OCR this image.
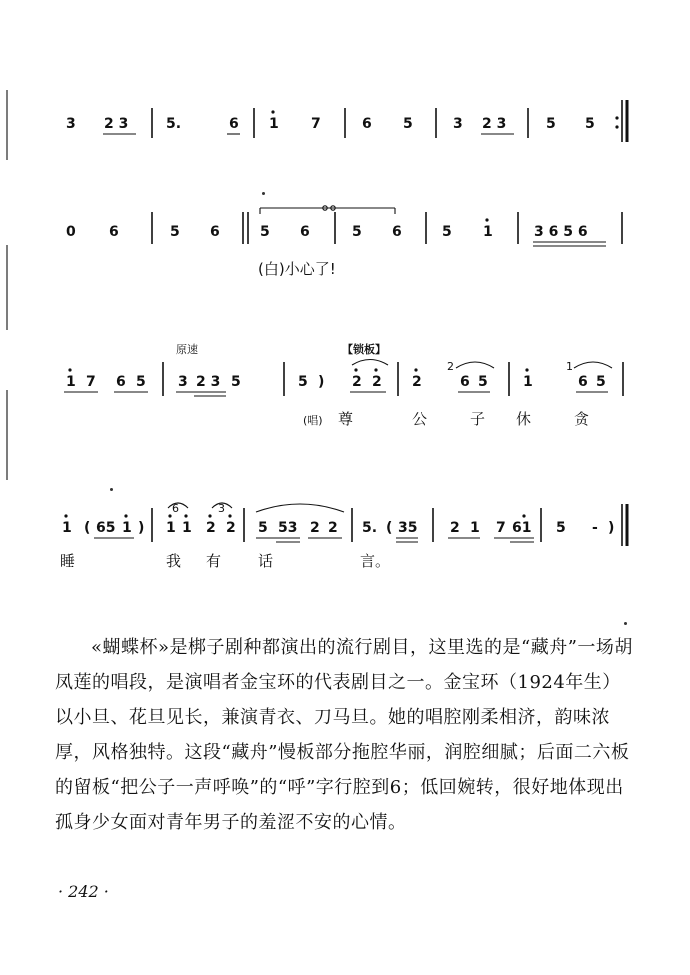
3 2 3	5.	6 1 7	6 5	3 2 3	5 5
0 6	5 6	5 6	5 6	5 1	3 6 5 6
(白)小心了!
原速	【锁板】
1 7 6 5 3 2 3 5	5 ) 2 2 2
2
6 5	1
1
6 5
(唱) 尊	公	子 休	贪
1 ( 65 1 )
6
1 1
3
2 2 5 53 2 2 5. ( 35 2 1 7 61 5 - )
睡	我 有 话	言。

«蝴蝶杯»是梆子剧种都演出的流行剧目，这里选的是“藏舟”一场胡凤莲的唱段，是演唱者金宝环的代表剧目之一。金宝环（1924年生）以小旦、花旦见长，兼演青衣、刀马旦。她的唱腔刚柔相济，韵味浓厚，风格独特。这段“藏舟”慢板部分拖腔华丽，润腔细腻；后面二六板的留板“把公子一声呼唤”的“呼”字行腔到6；低回婉转，很好地体现出孤身少女面对青年男子的羞涩不安的心情。

· 242 ·
